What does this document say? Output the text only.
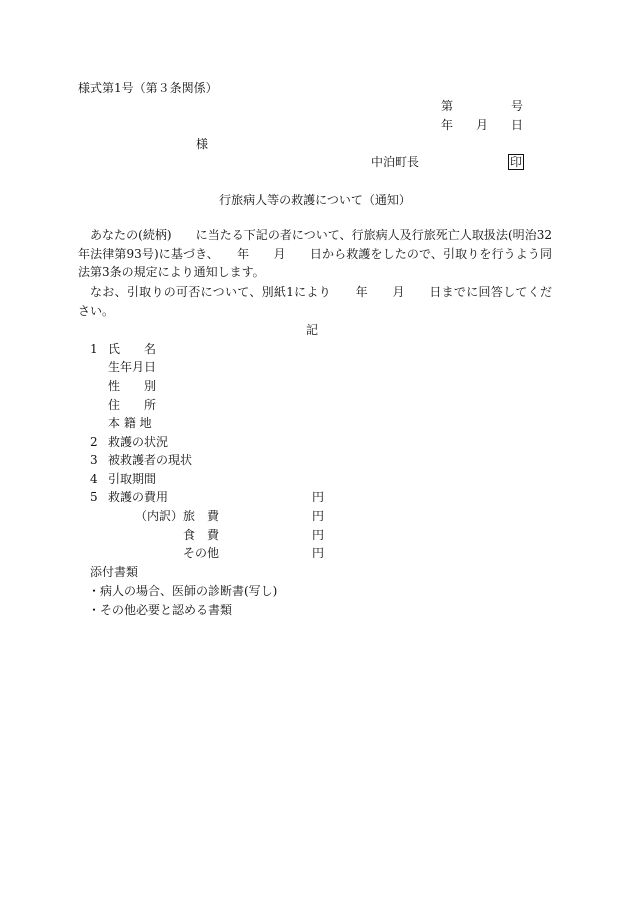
様式第1号（第３条関係）
第	号
年 月 日
様
中泊町長	印
行旅病人等の救護について（通知）
あなたの(続柄)　　に当たる下記の者について、行旅病人及行旅死亡人取扱法(明治32年法律第93号)に基づき、　　年　　月　　日から救護をしたので、引取りを行うよう同法第3条の規定により通知します。
なお、引取りの可否について、別紙1により　　年　　月　　日までに回答してください。
記
1 氏　　名
生年月日
性　　別
住　　所
本 籍 地
2 救護の状況
3 被救護者の現状
4 引取期間
5 救護の費用	円
（内訳） 旅　費	円
食　費	円
その他	円
添付書類
・病人の場合、医師の診断書(写し)
・その他必要と認める書類
